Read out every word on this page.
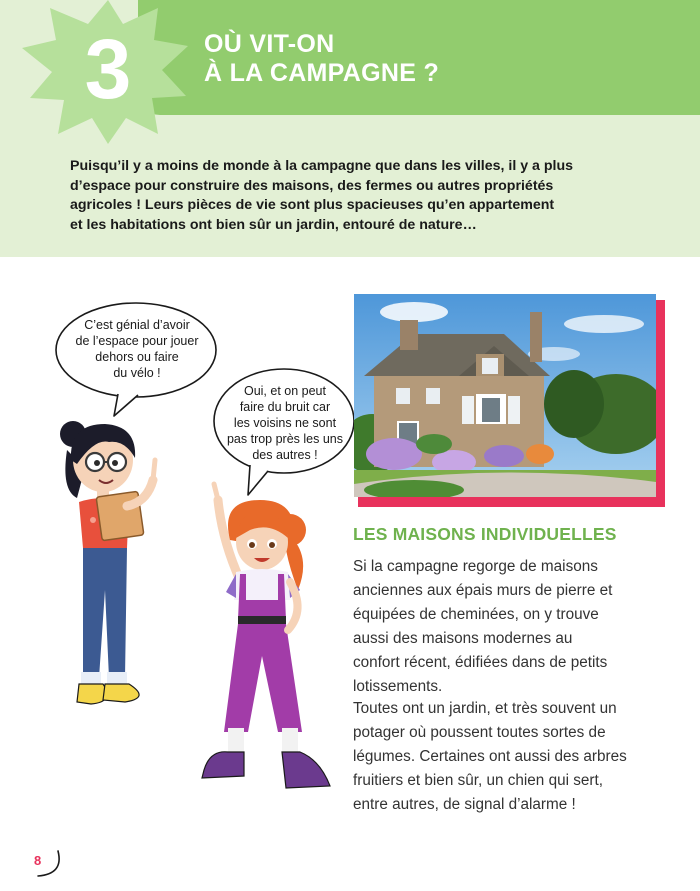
3	OÙ VIT-ON
À LA CAMPAGNE ?
Puisqu’il y a moins de monde à la campagne que dans les villes, il y a plus
d’espace pour construire des maisons, des fermes ou autres propriétés
agricoles ! Leurs pièces de vie sont plus spacieuses qu’en appartement
et les habitations ont bien sûr un jardin, entouré de nature…
C’est génial d’avoir
de l’espace pour jouer
dehors ou faire
du vélo !
Oui, et on peut
faire du bruit car
les voisins ne sont
pas trop près les uns
des autres !
LES MAISONS INDIVIDUELLES
Si la campagne regorge de maisons
anciennes aux épais murs de pierre et
équipées de cheminées, on y trouve
aussi des maisons modernes au
confort récent, édifiées dans de petits
lotissements.
Toutes ont un jardin, et très souvent un
potager où poussent toutes sortes de
légumes. Certaines ont aussi des arbres
fruitiers et bien sûr, un chien qui sert,
entre autres, de signal d’alarme !
8
